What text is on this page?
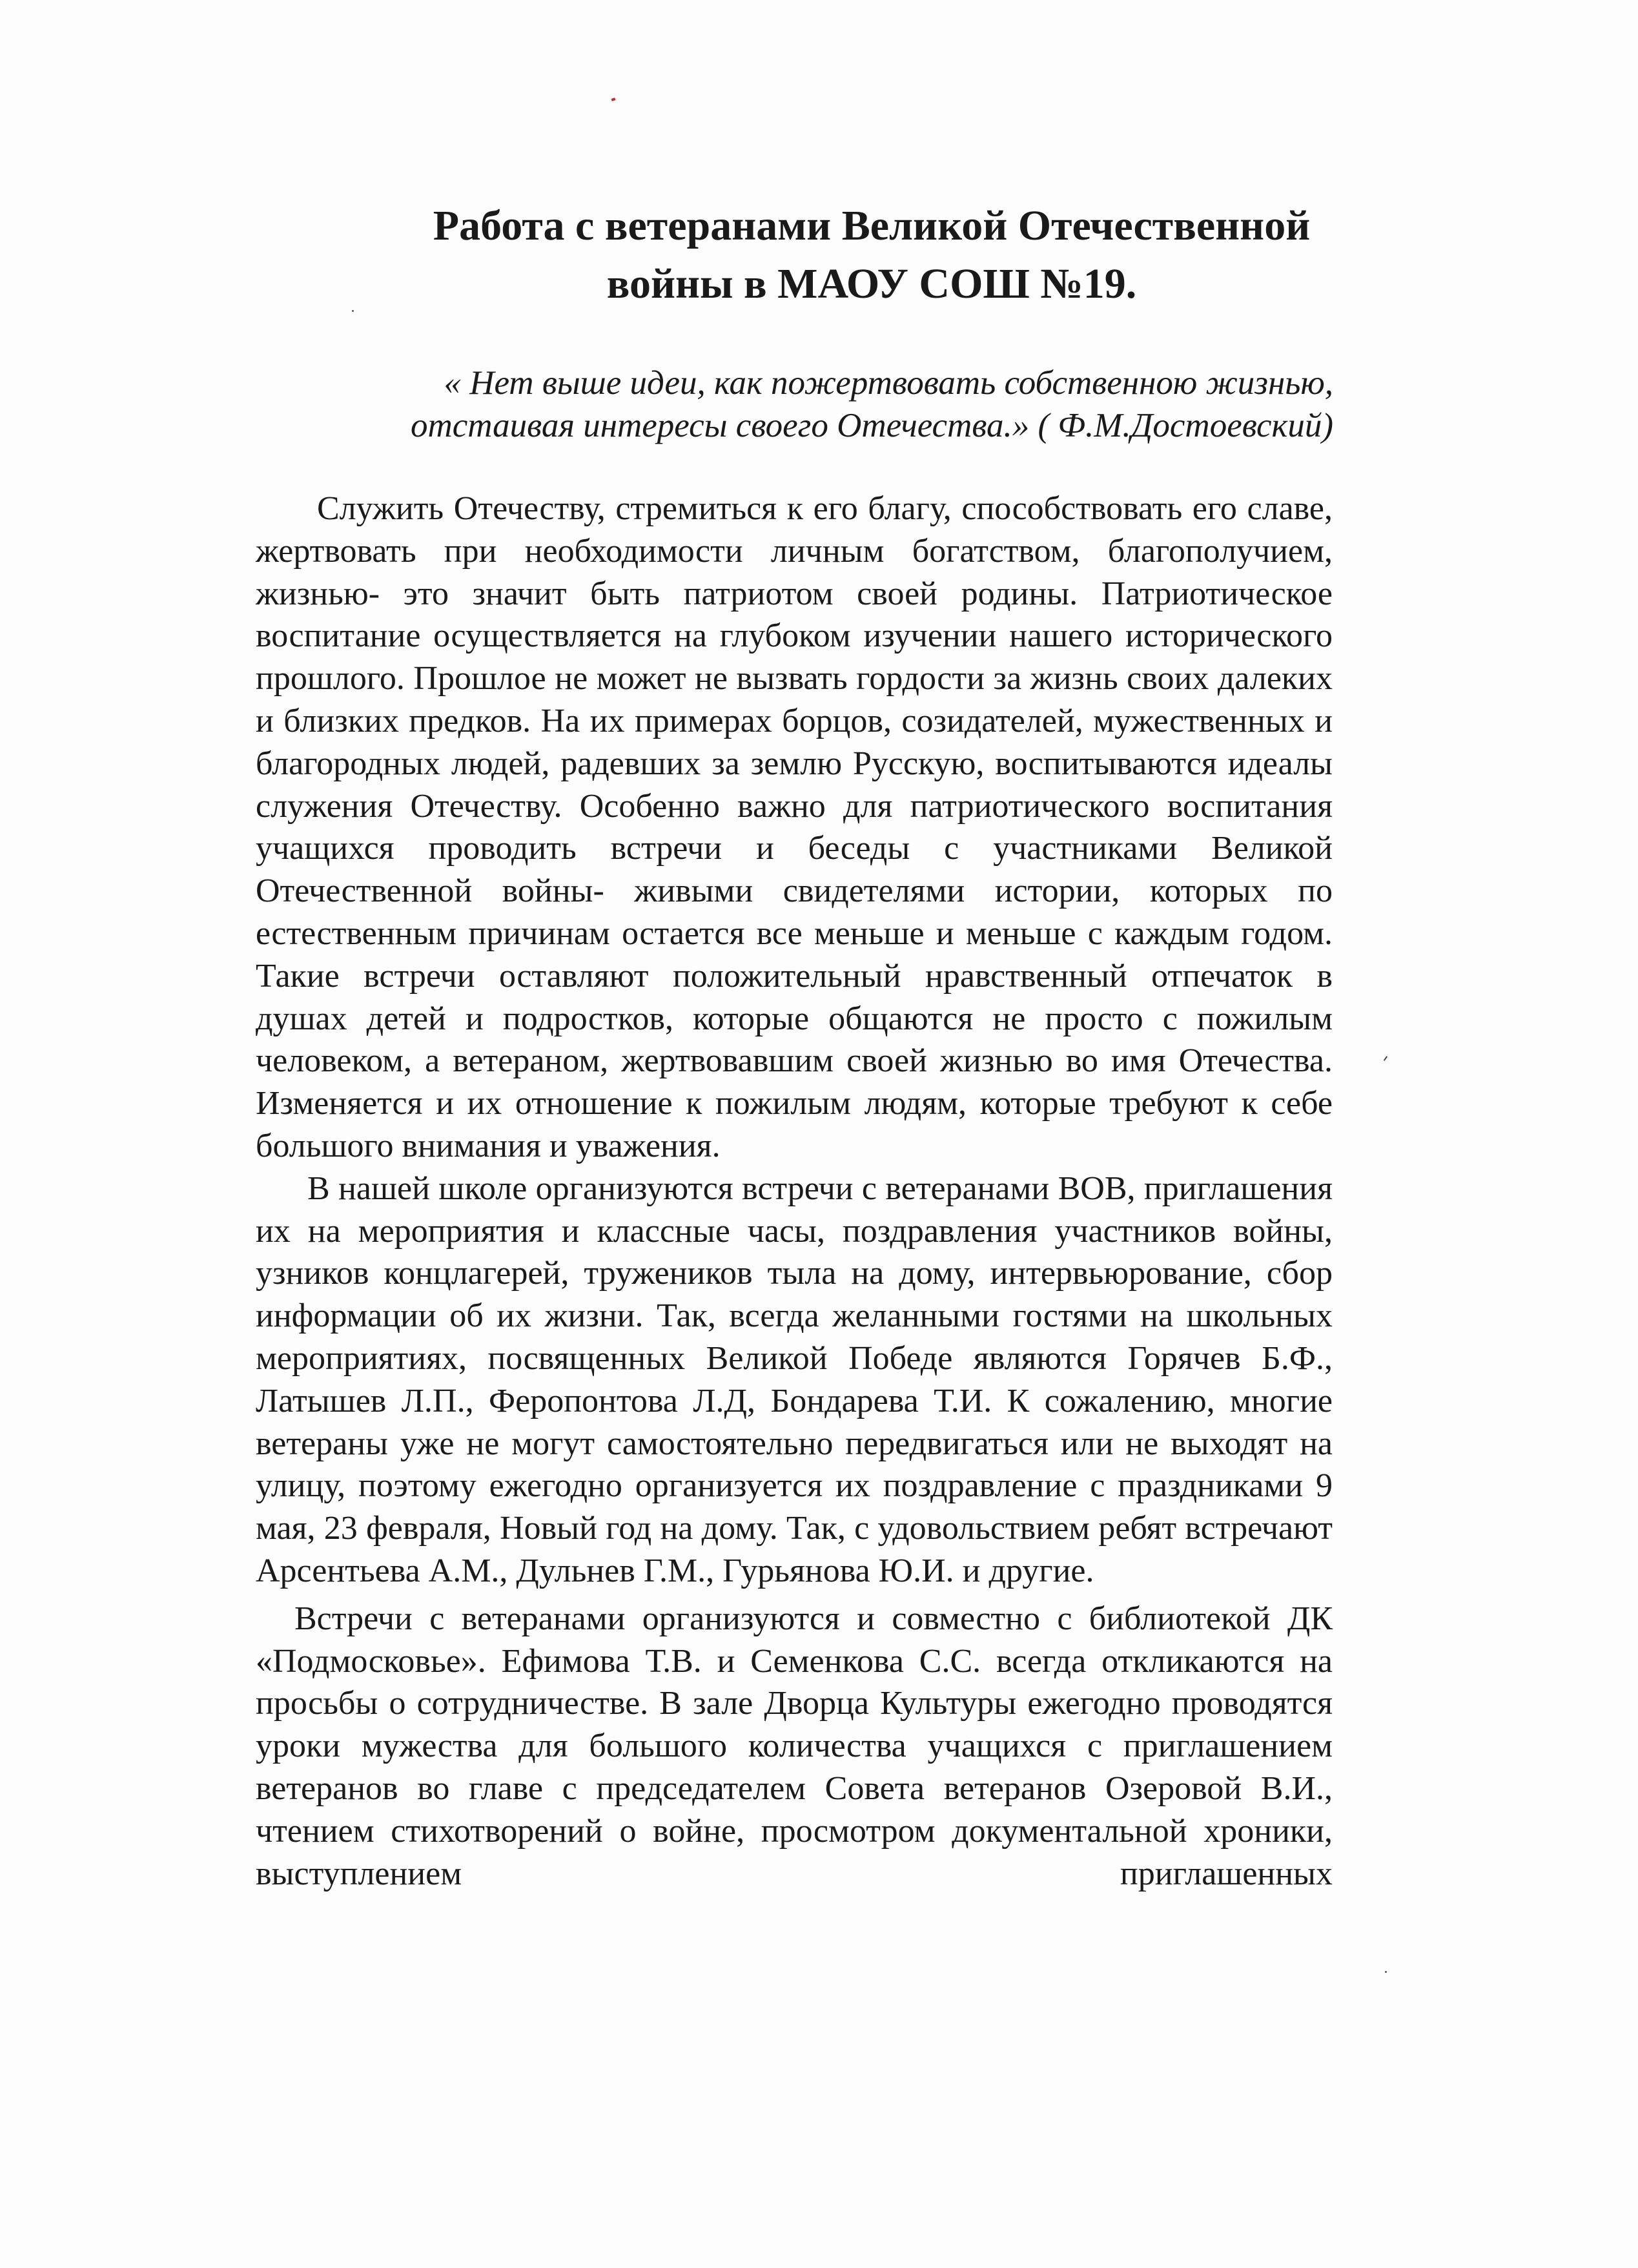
Работа с ветеранами Великой Отечественной
войны в МАОУ СОШ №19.
« Нет выше идеи, как пожертвовать собственною жизнью,
отстаивая интересы своего Отечества.» ( Ф.М.Достоевский)

Служить Отечеству, стремиться к его благу, способствовать его славе, жертвовать при необходимости личным богатством, благополучием, жизнью- это значит быть патриотом своей родины. Патриотическое воспитание осуществляется на глубоком изучении нашего исторического прошлого. Прошлое не может не вызвать гордости за жизнь своих далеких и близких предков. На их примерах борцов, созидателей, мужественных и благородных людей, радевших за землю Русскую, воспитываются идеалы служения Отечеству. Особенно важно для патриотического воспитания учащихся проводить встречи и беседы с участниками Великой Отечественной войны- живыми свидетелями истории, которых по естественным причинам остается все меньше и меньше с каждым годом. Такие встречи оставляют положительный нравственный отпечаток в душах детей и подростков, которые общаются не просто с пожилым человеком, а ветераном, жертвовавшим своей жизнью во имя Отечества. Изменяется и их отношение к пожилым людям, которые требуют к себе большого внимания и уважения.

В нашей школе организуются встречи с ветеранами ВОВ, приглашения их на мероприятия и классные часы, поздравления участников войны, узников концлагерей, тружеников тыла на дому, интервьюрование, сбор информации об их жизни. Так, всегда желанными гостями на школьных мероприятиях, посвященных Великой Победе являются Горячев Б.Ф., Латышев Л.П., Феропонтова Л.Д, Бондарева Т.И. К сожалению, многие ветераны уже не могут самостоятельно передвигаться или не выходят на улицу, поэтому ежегодно организуется их поздравление с праздниками 9 мая, 23 февраля, Новый год на дому. Так, с удовольствием ребят встречают Арсентьева А.М., Дульнев Г.М., Гурьянова Ю.И. и другие.

Встречи с ветеранами организуются и совместно с библиотекой ДК «Подмосковье». Ефимова Т.В. и Семенкова С.С. всегда откликаются на просьбы о сотрудничестве. В зале Дворца Культуры ежегодно проводятся уроки мужества для большого количества учащихся с приглашением ветеранов во главе с председателем Совета ветеранов Озеровой В.И., чтением стихотворений о войне, просмотром документальной хроники, выступлением приглашенных
